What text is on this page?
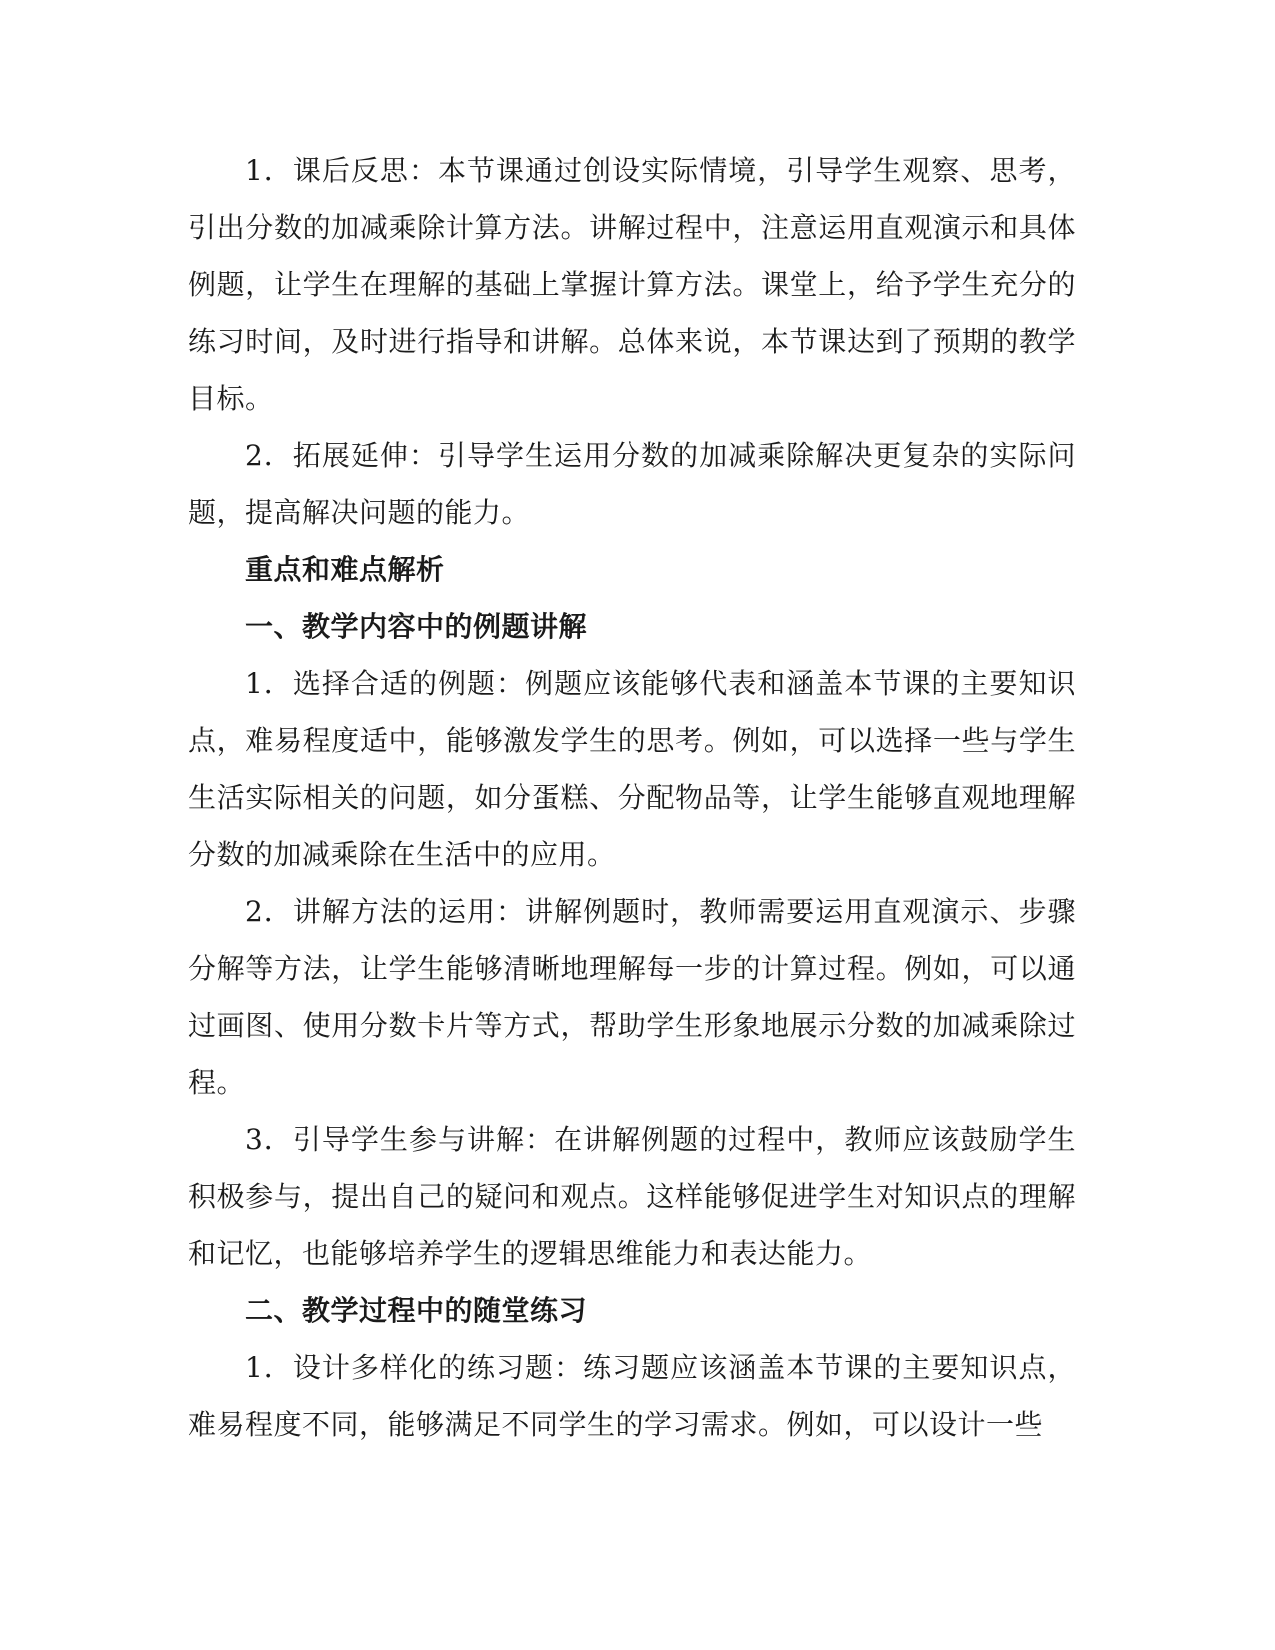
1．课后反思：本节课通过创设实际情境，引导学生观察、思考，引出分数的加减乘除计算方法。讲解过程中，注意运用直观演示和具体例题，让学生在理解的基础上掌握计算方法。课堂上，给予学生充分的练习时间，及时进行指导和讲解。总体来说，本节课达到了预期的教学目标。

2．拓展延伸：引导学生运用分数的加减乘除解决更复杂的实际问题，提高解决问题的能力。

重点和难点解析

一、教学内容中的例题讲解

1．选择合适的例题：例题应该能够代表和涵盖本节课的主要知识点，难易程度适中，能够激发学生的思考。例如，可以选择一些与学生生活实际相关的问题，如分蛋糕、分配物品等，让学生能够直观地理解分数的加减乘除在生活中的应用。

2．讲解方法的运用：讲解例题时，教师需要运用直观演示、步骤分解等方法，让学生能够清晰地理解每一步的计算过程。例如，可以通过画图、使用分数卡片等方式，帮助学生形象地展示分数的加减乘除过程。

3．引导学生参与讲解：在讲解例题的过程中，教师应该鼓励学生积极参与，提出自己的疑问和观点。这样能够促进学生对知识点的理解和记忆，也能够培养学生的逻辑思维能力和表达能力。

二、教学过程中的随堂练习

1．设计多样化的练习题：练习题应该涵盖本节课的主要知识点，难易程度不同，能够满足不同学生的学习需求。例如，可以设计一些
